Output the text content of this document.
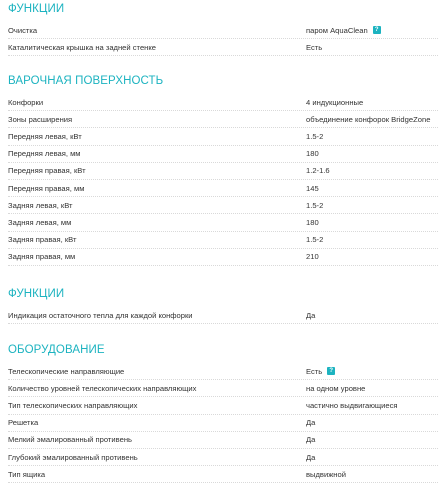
ФУНКЦИИ
Очистка	паром AquaClean	?
Каталитическая крышка на задней стенке	Есть
ВАРОЧНАЯ ПОВЕРХНОСТЬ
Конфорки	4 индукционные
Зоны расширения	объединение конфорок BridgeZone
Передняя левая, кВт	1.5-2
Передняя левая, мм	180
Передняя правая, кВт	1.2-1.6
Передняя правая, мм	145
Задняя левая, кВт	1.5-2
Задняя левая, мм	180
Задняя правая, кВт	1.5-2
Задняя правая, мм	210
ФУНКЦИИ
Индикация остаточного тепла для каждой конфорки	Да
ОБОРУДОВАНИЕ
Телескопические направляющие	Есть	?
Количество уровней телескопических направляющих	на одном уровне
Тип телескопических направляющих	частично выдвигающиеся
Решетка	Да
Мелкий эмалированный противень	Да
Глубокий эмалированный противень	Да
Тип ящика	выдвижной
